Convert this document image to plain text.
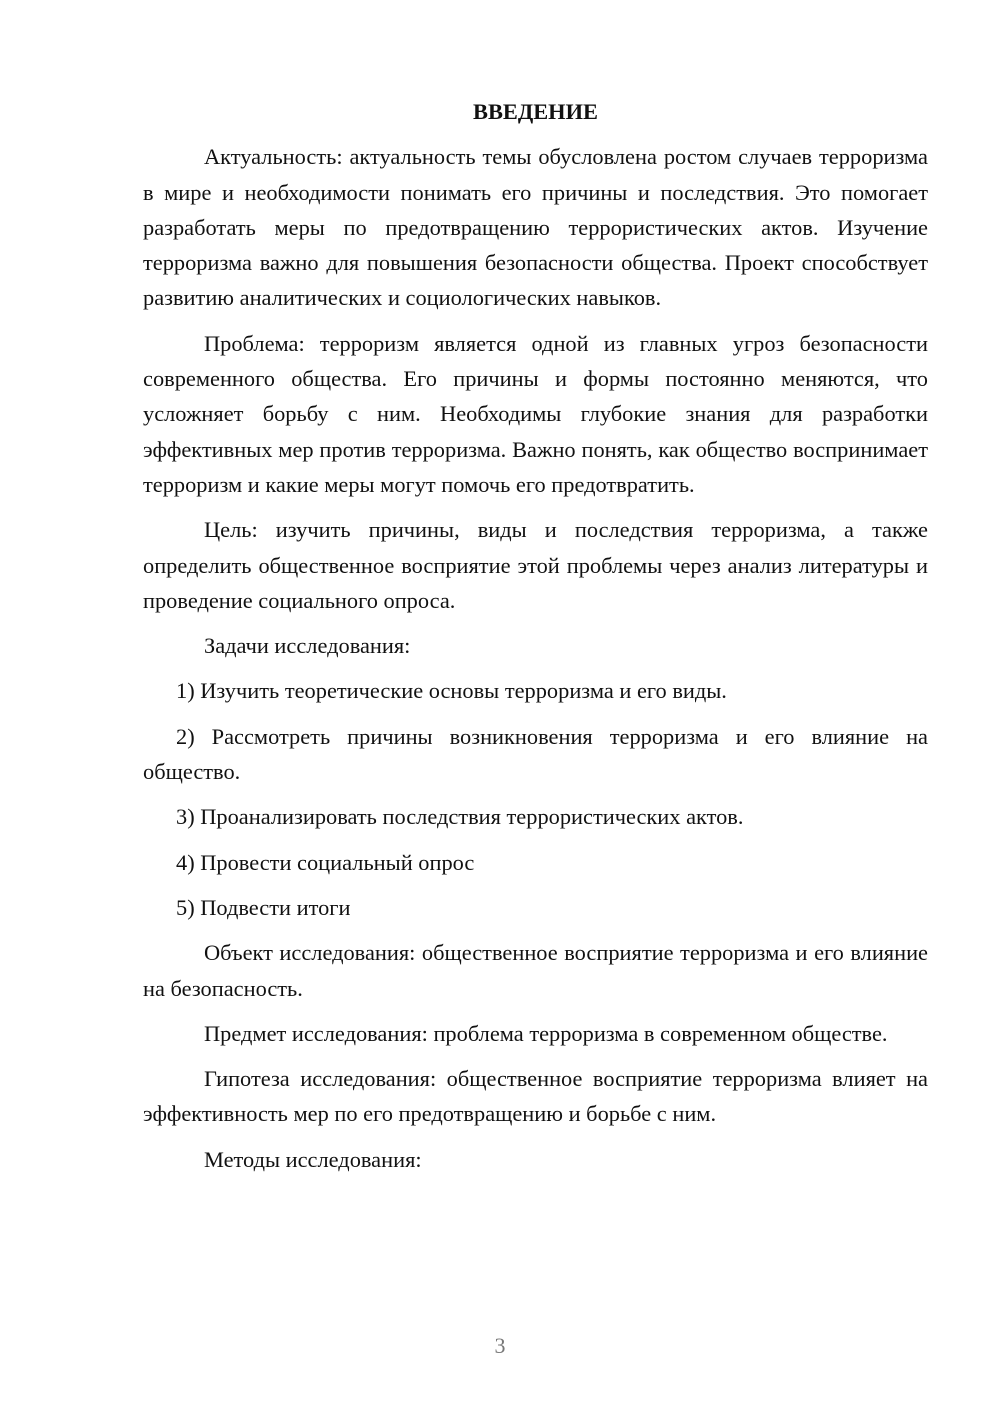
ВВЕДЕНИЕ

Актуальность: актуальность темы обусловлена ростом случаев терроризма в мире и необходимости понимать его причины и последствия. Это помогает разработать меры по предотвращению террористических актов. Изучение терроризма важно для повышения безопасности общества. Проект способствует развитию аналитических и социологических навыков.

Проблема: терроризм является одной из главных угроз безопасности современного общества. Его причины и формы постоянно меняются, что усложняет борьбу с ним. Необходимы глубокие знания для разработки эффективных мер против терроризма. Важно понять, как общество воспринимает терроризм и какие меры могут помочь его предотвратить.

Цель: изучить причины, виды и последствия терроризма, а также определить общественное восприятие этой проблемы через анализ литературы и проведение социального опроса.

Задачи исследования:

1) Изучить теоретические основы терроризма и его виды.

2) Рассмотреть причины возникновения терроризма и его влияние на общество.

3) Проанализировать последствия террористических актов.

4) Провести социальный опрос

5) Подвести итоги

Объект исследования: общественное восприятие терроризма и его влияние на безопасность.

Предмет исследования: проблема терроризма в современном обществе.

Гипотеза исследования: общественное восприятие терроризма влияет на эффективность мер по его предотвращению и борьбе с ним.

Методы исследования:

3
